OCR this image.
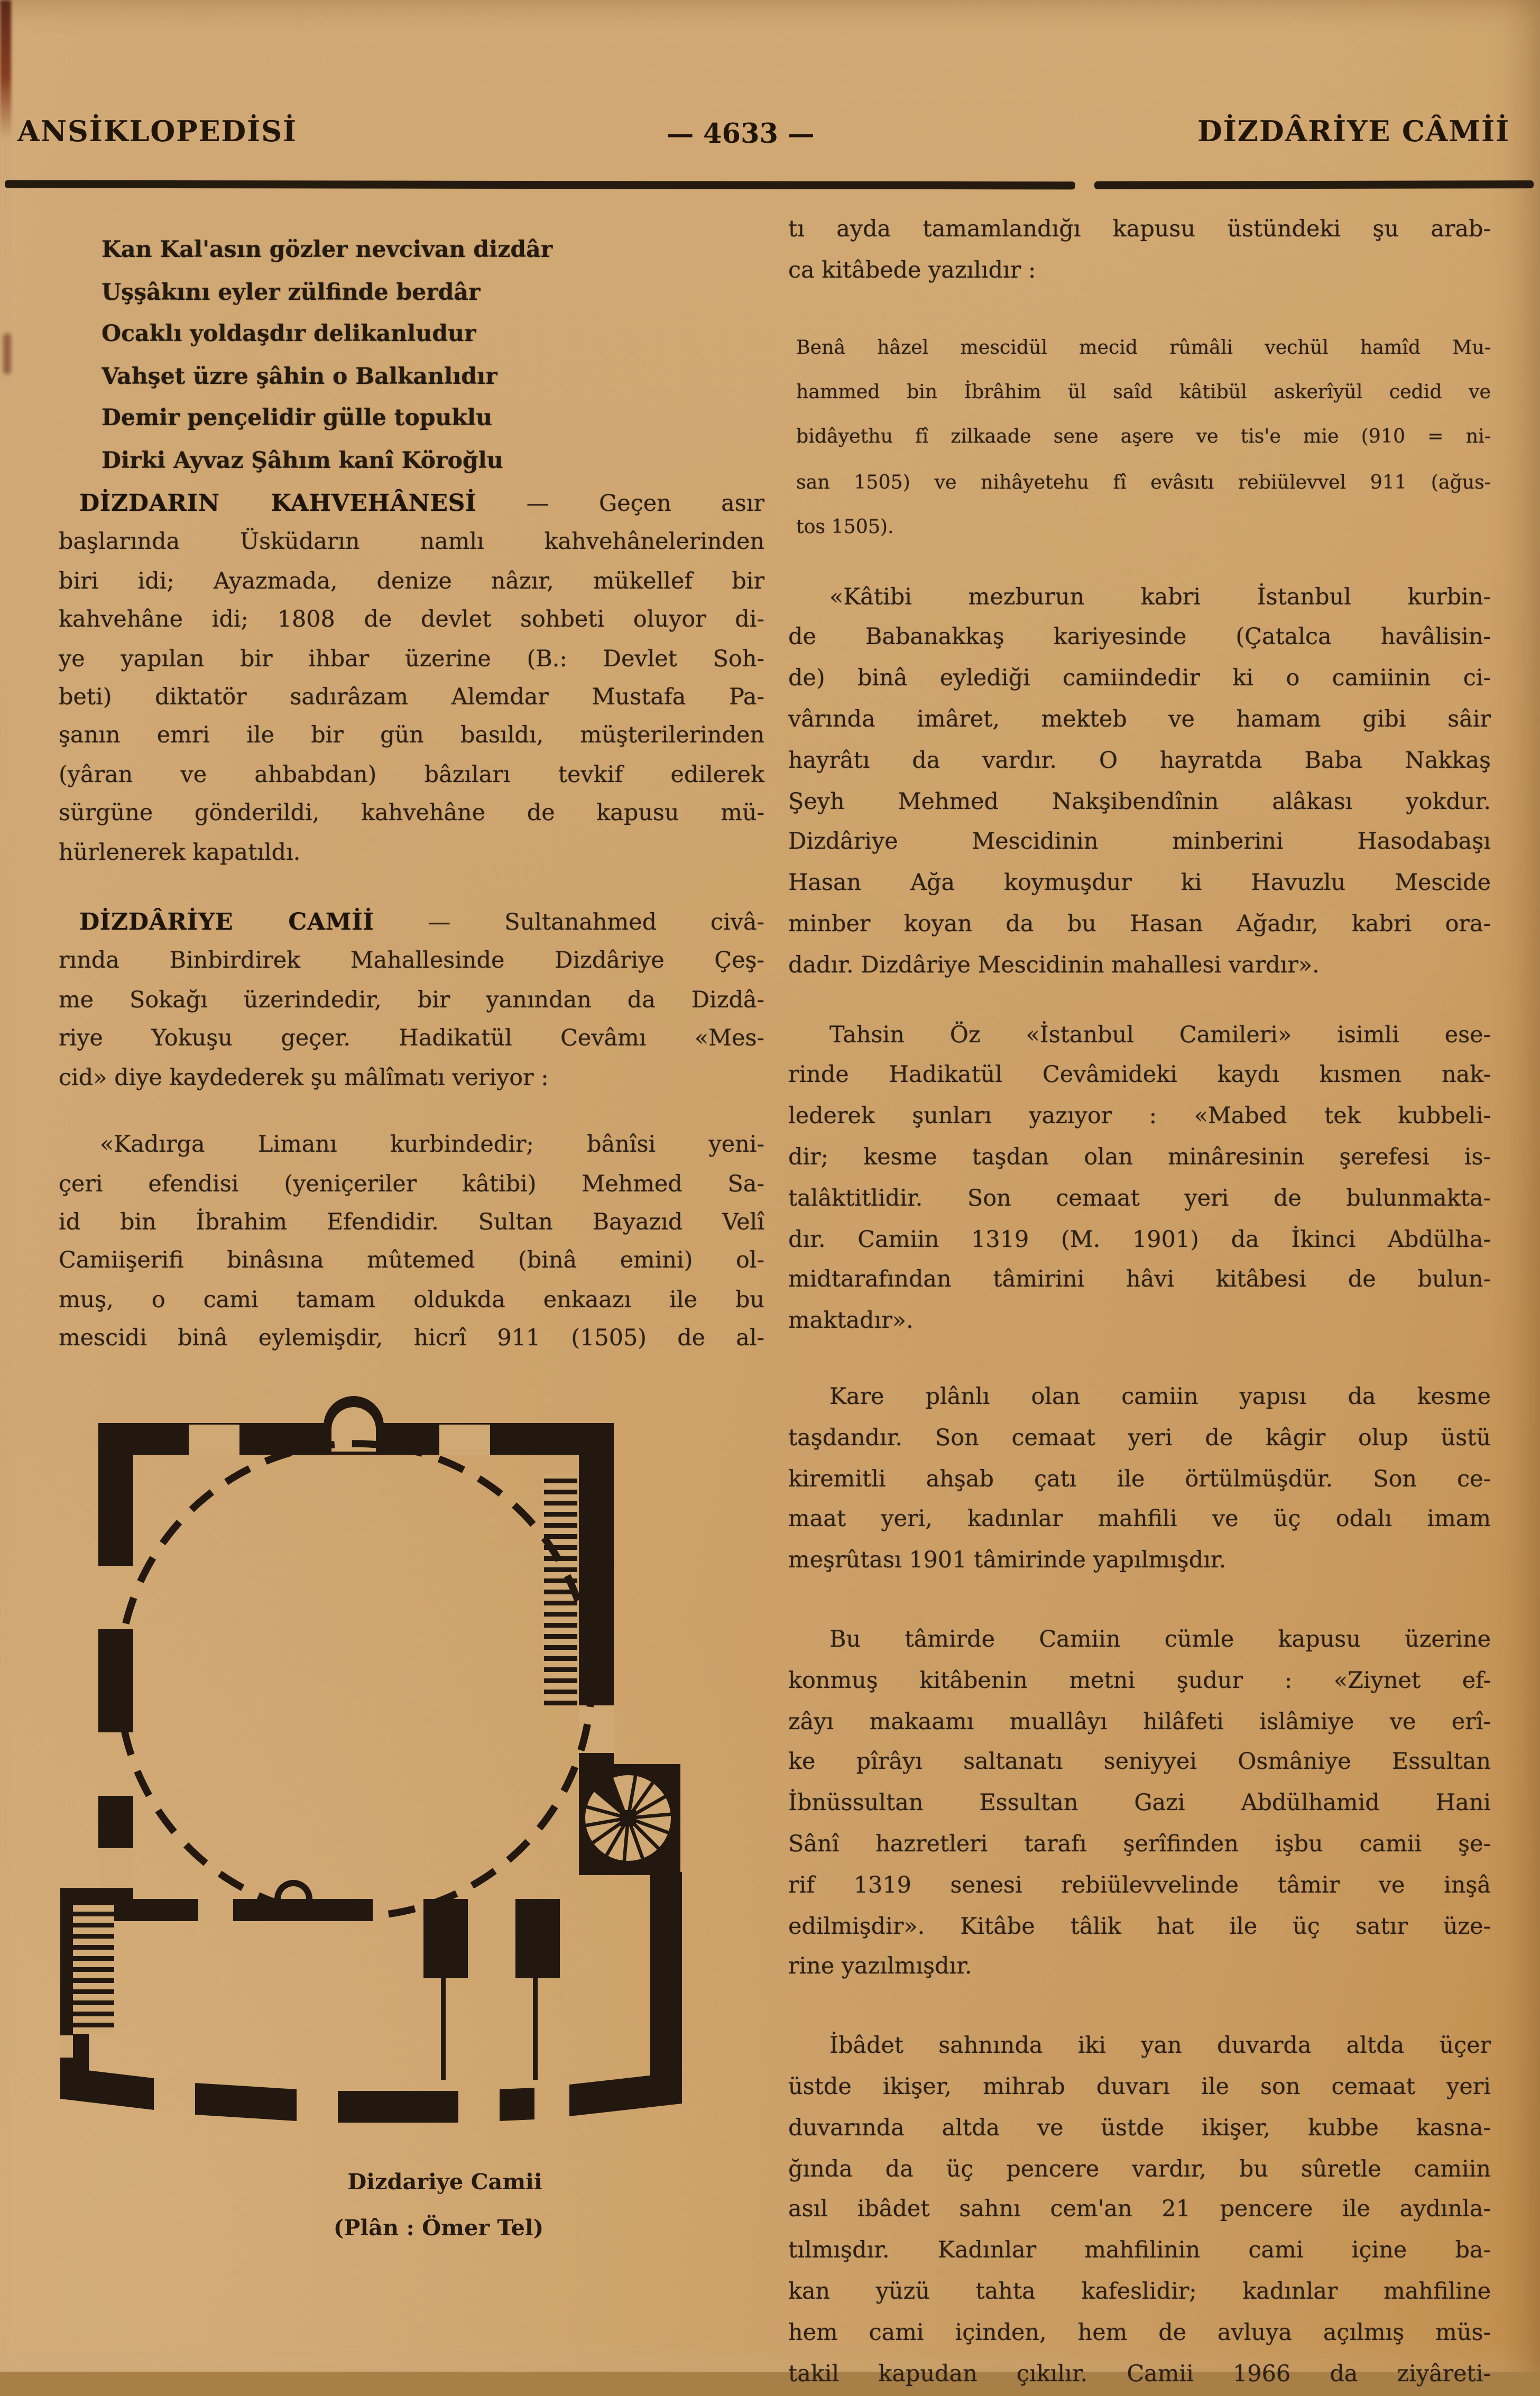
ANSİKLOPEDİSİ	— 4633 —	DİZDÂRİYE CÂMİİ
Kan Kal'asın gözler nevcivan dizdâr
Uşşâkını eyler zülfinde berdâr
Ocaklı yoldaşdır delikanludur
Vahşet üzre şâhin o Balkanlıdır
Demir pençelidir gülle topuklu
Dirki Ayvaz Şâhım kanî Köroğlu
DİZDARIN KAHVEHÂNESİ — Geçen asır
başlarında Üsküdarın namlı kahvehânelerinden
biri idi; Ayazmada, denize nâzır, mükellef bir
kahvehâne idi; 1808 de devlet sohbeti oluyor di-
ye yapılan bir ihbar üzerine (B.: Devlet Soh-
beti) diktatör sadırâzam Alemdar Mustafa Pa-
şanın emri ile bir gün basıldı, müşterilerinden
(yâran ve ahbabdan) bâzıları tevkif edilerek
sürgüne gönderildi, kahvehâne de kapusu mü-
hürlenerek kapatıldı.
DİZDÂRİYE CAMİİ — Sultanahmed civâ-
rında Binbirdirek Mahallesinde Dizdâriye Çeş-
me Sokağı üzerindedir, bir yanından da Dizdâ-
riye Yokuşu geçer. Hadikatül Cevâmı «Mes-
cid» diye kaydederek şu mâlîmatı veriyor :
«Kadırga Limanı kurbindedir; bânîsi yeni-
çeri efendisi (yeniçeriler kâtibi) Mehmed Sa-
id bin İbrahim Efendidir. Sultan Bayazıd Velî
Camiişerifi binâsına mûtemed (binâ emini) ol-
muş, o cami tamam oldukda enkaazı ile bu
mescidi binâ eylemişdir, hicrî 911 (1505) de al-
Dizdariye Camii
(Plân : Ömer Tel)
tı ayda tamamlandığı kapusu üstündeki şu arab-
ca kitâbede yazılıdır :
Benâ hâzel mescidül mecid rûmâli vechül hamîd Mu-
hammed bin İbrâhim ül saîd kâtibül askerîyül cedid ve
bidâyethu fî zilkaade sene aşere ve tis'e mie (910 = ni-
san 1505) ve nihâyetehu fî evâsıtı rebiülevvel 911 (ağus-
tos 1505).
«Kâtibi mezburun kabri İstanbul kurbin-
de Babanakkaş kariyesinde (Çatalca havâlisin-
de) binâ eylediği camiindedir ki o camiinin ci-
vârında imâret, mekteb ve hamam gibi sâir
hayrâtı da vardır. O hayratda Baba Nakkaş
Şeyh Mehmed Nakşibendînin alâkası yokdur.
Dizdâriye Mescidinin minberini Hasodabaşı
Hasan Ağa koymuşdur ki Havuzlu Mescide
minber koyan da bu Hasan Ağadır, kabri ora-
dadır. Dizdâriye Mescidinin mahallesi vardır».
Tahsin Öz «İstanbul Camileri» isimli ese-
rinde Hadikatül Cevâmideki kaydı kısmen nak-
lederek şunları yazıyor : «Mabed tek kubbeli-
dir; kesme taşdan olan minâresinin şerefesi is-
talâktitlidir. Son cemaat yeri de bulunmakta-
dır. Camiin 1319 (M. 1901) da İkinci Abdülha-
midtarafından tâmirini hâvi kitâbesi de bulun-
maktadır».
Kare plânlı olan camiin yapısı da kesme
taşdandır. Son cemaat yeri de kâgir olup üstü
kiremitli ahşab çatı ile örtülmüşdür. Son ce-
maat yeri, kadınlar mahfili ve üç odalı imam
meşrûtası 1901 tâmirinde yapılmışdır.
Bu tâmirde Camiin cümle kapusu üzerine
konmuş kitâbenin metni şudur : «Ziynet ef-
zâyı makaamı muallâyı hilâfeti islâmiye ve erî-
ke pîrâyı saltanatı seniyyei Osmâniye Essultan
İbnüssultan Essultan Gazi Abdülhamid Hani
Sânî hazretleri tarafı şerîfinden işbu camii şe-
rif 1319 senesi rebiülevvelinde tâmir ve inşâ
edilmişdir». Kitâbe tâlik hat ile üç satır üze-
rine yazılmışdır.
İbâdet sahnında iki yan duvarda altda üçer
üstde ikişer, mihrab duvarı ile son cemaat yeri
duvarında altda ve üstde ikişer, kubbe kasna-
ğında da üç pencere vardır, bu sûretle camiin
asıl ibâdet sahnı cem'an 21 pencere ile aydınla-
tılmışdır. Kadınlar mahfilinin cami içine ba-
kan yüzü tahta kafeslidir; kadınlar mahfiline
hem cami içinden, hem de avluya açılmış müs-
takil kapudan çıkılır. Camii 1966 da ziyâreti-
